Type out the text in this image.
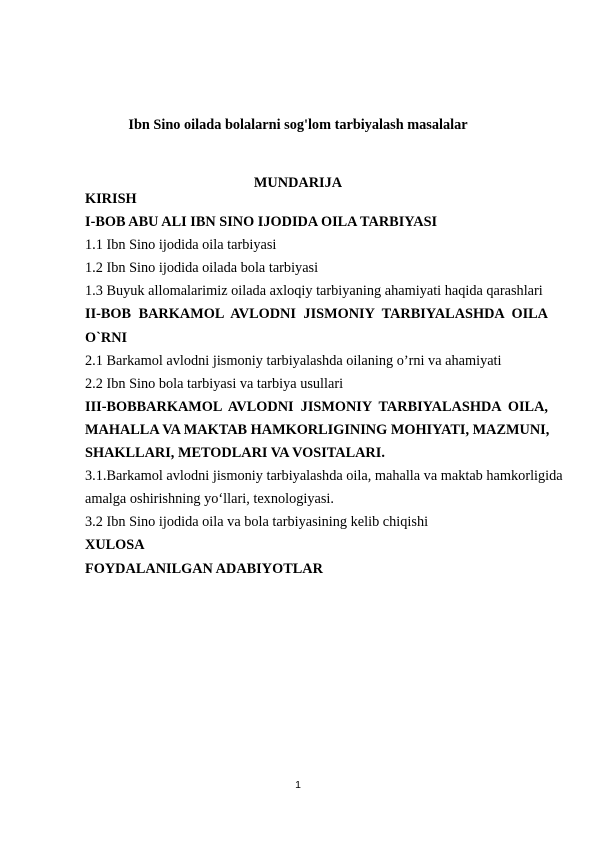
Ibn Sino oilada bolalarni sog'lom tarbiyalash masalalar
MUNDARIJA
KIRISH
I-BOB ABU ALI IBN SINO IJODIDA OILA TARBIYASI
1.1 Ibn Sino ijodida oila tarbiyasi
1.2 Ibn Sino ijodida oilada bola tarbiyasi
1.3 Buyuk allomalarimiz oilada axloqiy tarbiyaning ahamiyati haqida qarashlari
II-BOB BARKAMOL AVLODNI JISMONIY TARBIYALASHDA OILA
O`RNI
2.1 Barkamol avlodni jismoniy tarbiyalashda oilaning o’rni va ahamiyati
2.2 Ibn Sino bola tarbiyasi va tarbiya usullari
III-BOBBARKAMOL AVLODNI JISMONIY TARBIYALASHDA OILA,
MAHALLA VA MAKTAB HAMKORLIGINING MOHIYATI, MAZMUNI,
SHAKLLARI, METODLARI VA VOSITALARI.
3.1.Barkamol avlodni jismoniy tarbiyalashda oila, mahalla va maktab hamkorligida
amalga oshirishning yo‘llari, texnologiyasi.
3.2 Ibn Sino ijodida oila va bola tarbiyasining kelib chiqishi
XULOSA
FOYDALANILGAN ADABIYOTLAR
1
